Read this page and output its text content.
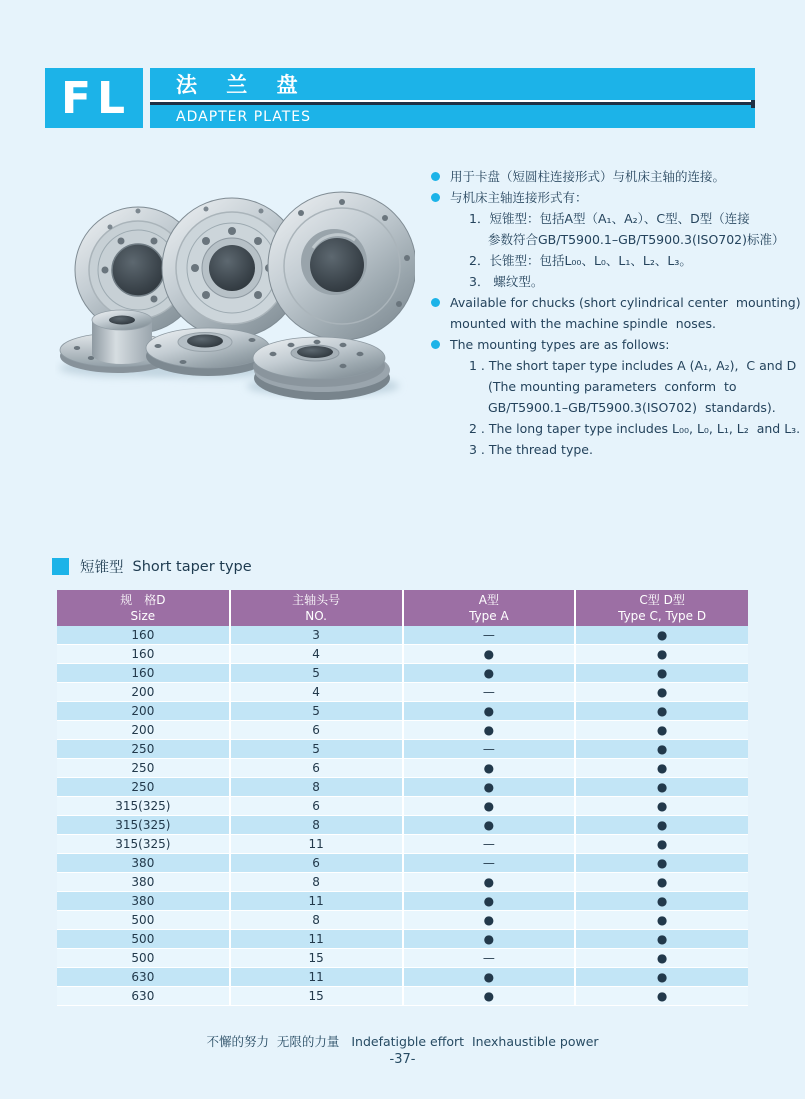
FL	法 兰 盘
ADAPTER PLATES
用于卡盘（短圆柱连接形式）与机床主轴的连接。
与机床主轴连接形式有：
1．短锥型：包括A型（A₁、A₂）、C型、D型（连接
参数符合GB/T5900.1–GB/T5900.3(ISO702)标准）
2．长锥型：包括L₀₀、L₀、L₁、L₂、L₃。
3． 螺纹型。
Available for chucks (short cylindrical center  mounting)
mounted with the machine spindle  noses.
The mounting types are as follows:
1 . The short taper type includes A (A₁, A₂),  C and D
(The mounting parameters  conform  to
GB/T5900.1–GB/T5900.3(ISO702)  standards).
2 . The long taper type includes L₀₀, L₀, L₁, L₂  and L₃.
3 . The thread type.
短锥型 Short taper type
规　格D
Size

主轴头号
NO.

A型
Type A

C型 D型
Type C, Type D

160	3	—	●
160	4	●	●
160	5	●	●
200	4	—	●
200	5	●	●
200	6	●	●
250	5	—	●
250	6	●	●
250	8	●	●
315(325)	6	●	●
315(325)	8	●	●
315(325)	11	—	●
380	6	—	●
380	8	●	●
380	11	●	●
500	8	●	●
500	11	●	●
500	15	—	●
630	11	●	●
630	15	●	●
不懈的努力  无限的力量   Indefatigble effort  Inexhaustible power
-37-
